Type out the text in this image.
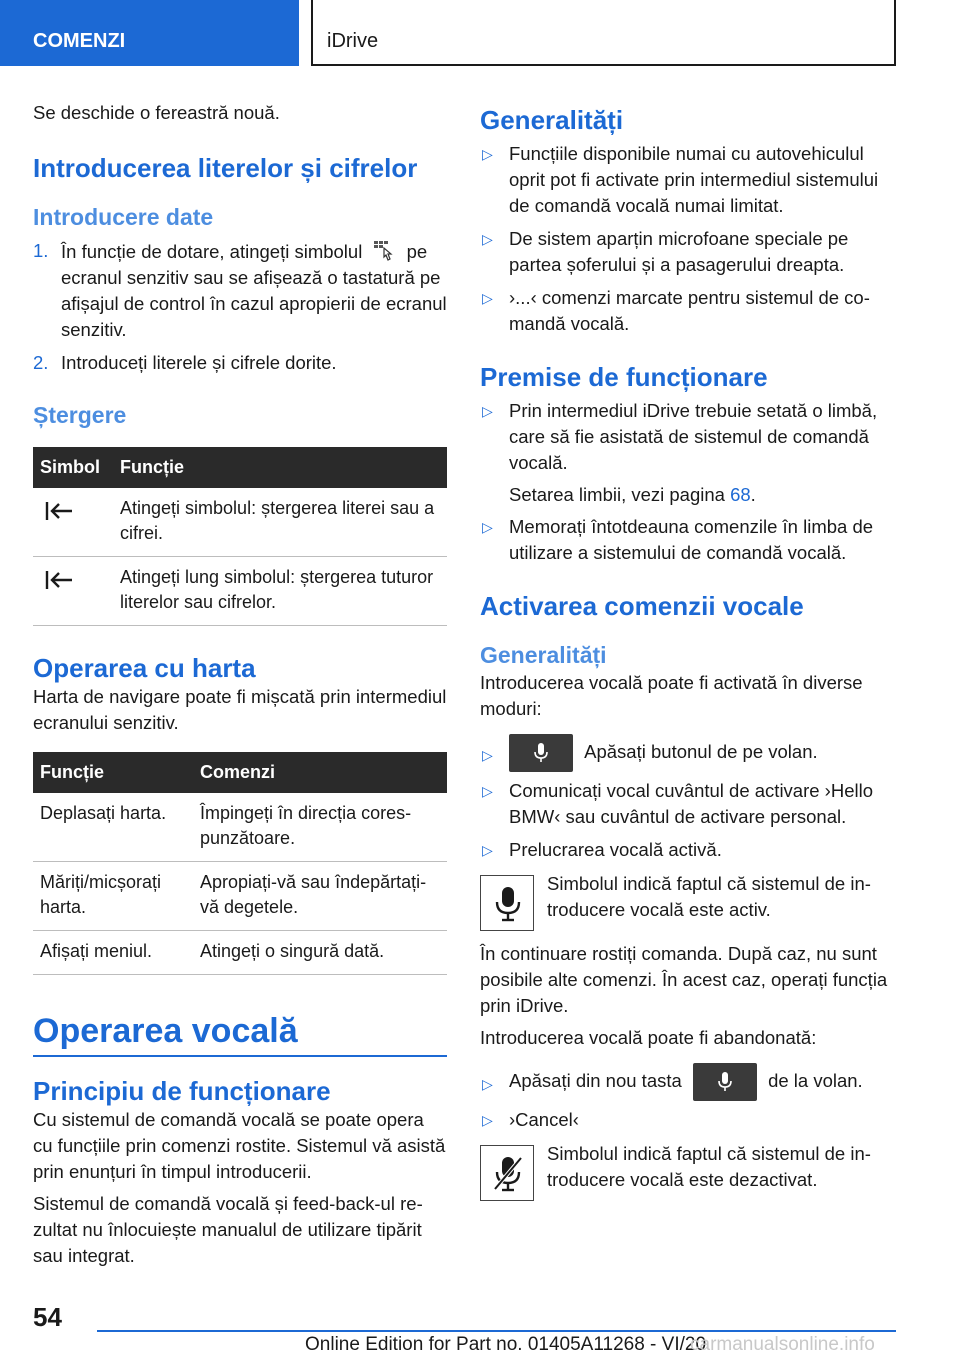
COMENZI	iDrive
Se deschide o fereastră nouă.
Introducerea literelor și cifrelor
Introducere date
1. În funcție de dotare, atingeți simbolul pe ecranul senzitiv sau se afișează o tastatură pe afișajul de control în cazul apropierii de ecranul senzitiv.
2. Introduceți literele și cifrele dorite.
Ștergere
Simbol	Funcție
	Atingeți simbolul: ștergerea literei sau a cifrei.
	Atingeți lung simbolul: ștergerea tuturor literelor sau cifrelor.
Operarea cu harta
Harta de navigare poate fi mișcată prin intermediul ecranului senzitiv.
Funcție	Comenzi
Deplasați harta.	Împingeți în direcția corespunzătoare.
Măriți/micșorați harta.	Apropiați-vă sau îndepărtați-vă degetele.
Afișați meniul.	Atingeți o singură dată.
Operarea vocală
Principiu de funcționare
Cu sistemul de comandă vocală se poate opera cu funcțiile prin comenzi rostite. Sistemul vă asistă prin enunțuri în timpul introducerii.
Sistemul de comandă vocală și feed-back-ul rezultat nu înlocuiește manualul de utilizare tipărit sau integrat.
Generalități
▷ Funcțiile disponibile numai cu autovehiculul oprit pot fi activate prin intermediul sistemului de comandă vocală numai limitat.
▷ De sistem aparțin microfoane speciale pe partea șoferului și a pasagerului dreapta.
▷ ›...‹ comenzi marcate pentru sistemul de comandă vocală.
Premise de funcționare
▷ Prin intermediul iDrive trebuie setată o limbă, care să fie asistată de sistemul de comandă vocală.
Setarea limbii, vezi pagina 68.
▷ Memorați întotdeauna comenzile în limba de utilizare a sistemului de comandă vocală.
Activarea comenzii vocale
Generalități
Introducerea vocală poate fi activată în diverse moduri:
▷	Apăsați butonul de pe volan.
▷ Comunicați vocal cuvântul de activare ›Hello BMW‹ sau cuvântul de activare personal.
▷ Prelucrarea vocală activă.
Simbolul indică faptul că sistemul de introducere vocală este activ.
În continuare rostiți comanda. După caz, nu sunt posibile alte comenzi. În acest caz, operați funcția prin iDrive.
Introducerea vocală poate fi abandonată:
▷ Apăsați din nou tasta	de la volan.
▷ ›Cancel‹
Simbolul indică faptul că sistemul de introducere vocală este dezactivat.
54
Online Edition for Part no. 01405A11268 - VI/20
carmanualsonline.info
